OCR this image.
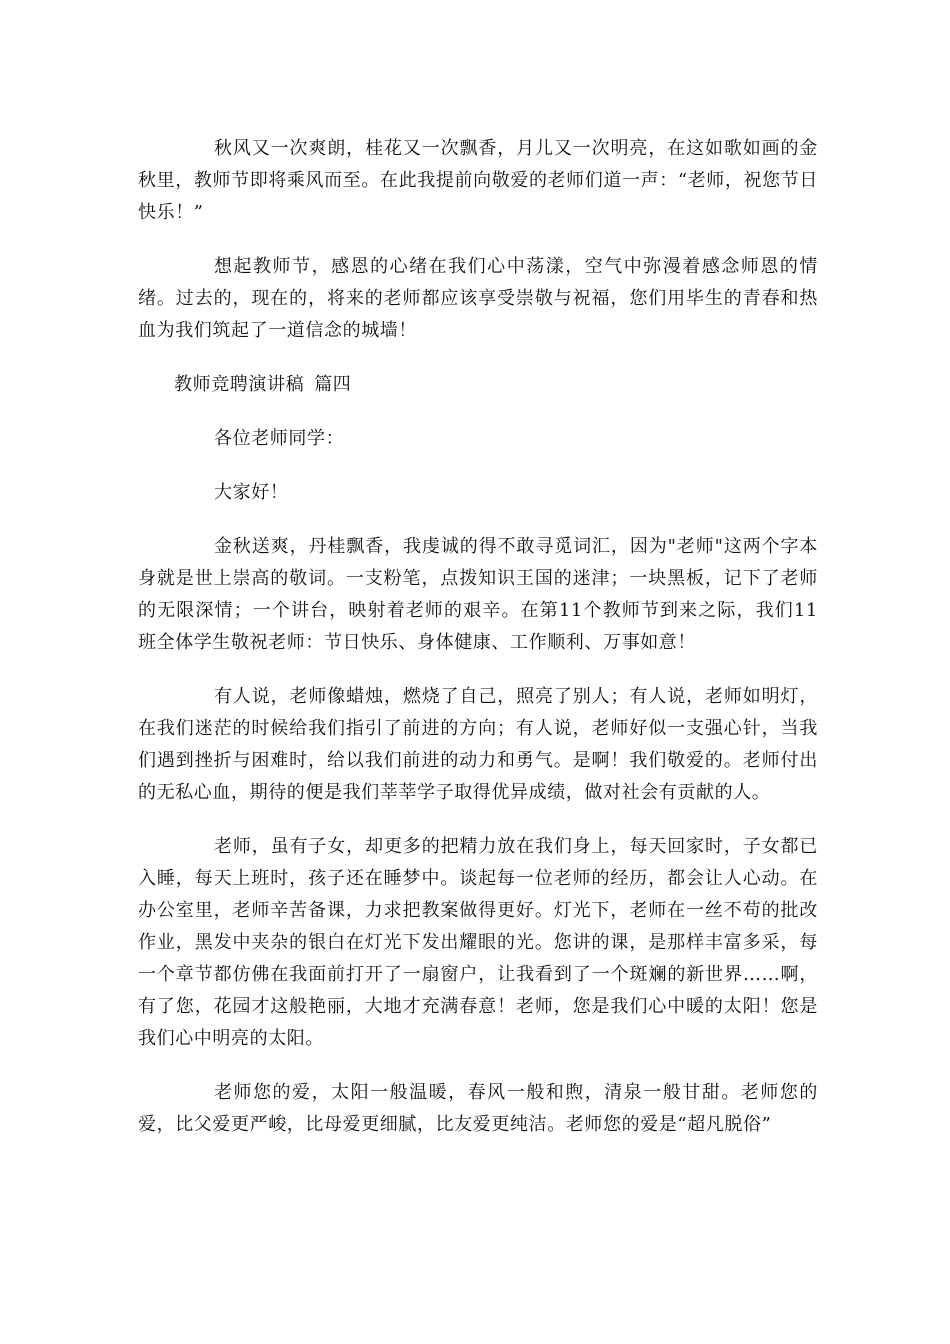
秋风又一次爽朗，桂花又一次飘香，月儿又一次明亮，在这如歌如画的金秋里，教师节即将乘风而至。在此我提前向敬爱的老师们道一声：“老师，祝您节日快乐！”

想起教师节，感恩的心绪在我们心中荡漾，空气中弥漫着感念师恩的情绪。过去的，现在的，将来的老师都应该享受崇敬与祝福，您们用毕生的青春和热血为我们筑起了一道信念的城墙！

教师竞聘演讲稿 篇四

各位老师同学：

大家好！

金秋送爽，丹桂飘香，我虔诚的得不敢寻觅词汇，因为"老师"这两个字本身就是世上崇高的敬词。一支粉笔，点拨知识王国的迷津；一块黑板，记下了老师的无限深情；一个讲台，映射着老师的艰辛。在第11个教师节到来之际，我们11班全体学生敬祝老师：节日快乐、身体健康、工作顺利、万事如意！

有人说，老师像蜡烛，燃烧了自己，照亮了别人；有人说，老师如明灯，在我们迷茫的时候给我们指引了前进的方向；有人说，老师好似一支强心针，当我们遇到挫折与困难时，给以我们前进的动力和勇气。是啊！我们敬爱的。老师付出的无私心血，期待的便是我们莘莘学子取得优异成绩，做对社会有贡献的人。

老师，虽有子女，却更多的把精力放在我们身上，每天回家时，子女都已入睡，每天上班时，孩子还在睡梦中。谈起每一位老师的经历，都会让人心动。在办公室里，老师辛苦备课，力求把教案做得更好。灯光下，老师在一丝不苟的批改作业，黑发中夹杂的银白在灯光下发出耀眼的光。您讲的课，是那样丰富多采，每一个章节都仿佛在我面前打开了一扇窗户，让我看到了一个斑斓的新世界……啊，有了您，花园才这般艳丽，大地才充满春意！老师，您是我们心中暖的太阳！您是我们心中明亮的太阳。

老师您的爱，太阳一般温暖，春风一般和煦，清泉一般甘甜。老师您的爱，比父爱更严峻，比母爱更细腻，比友爱更纯洁。老师您的爱是“超凡脱俗”
